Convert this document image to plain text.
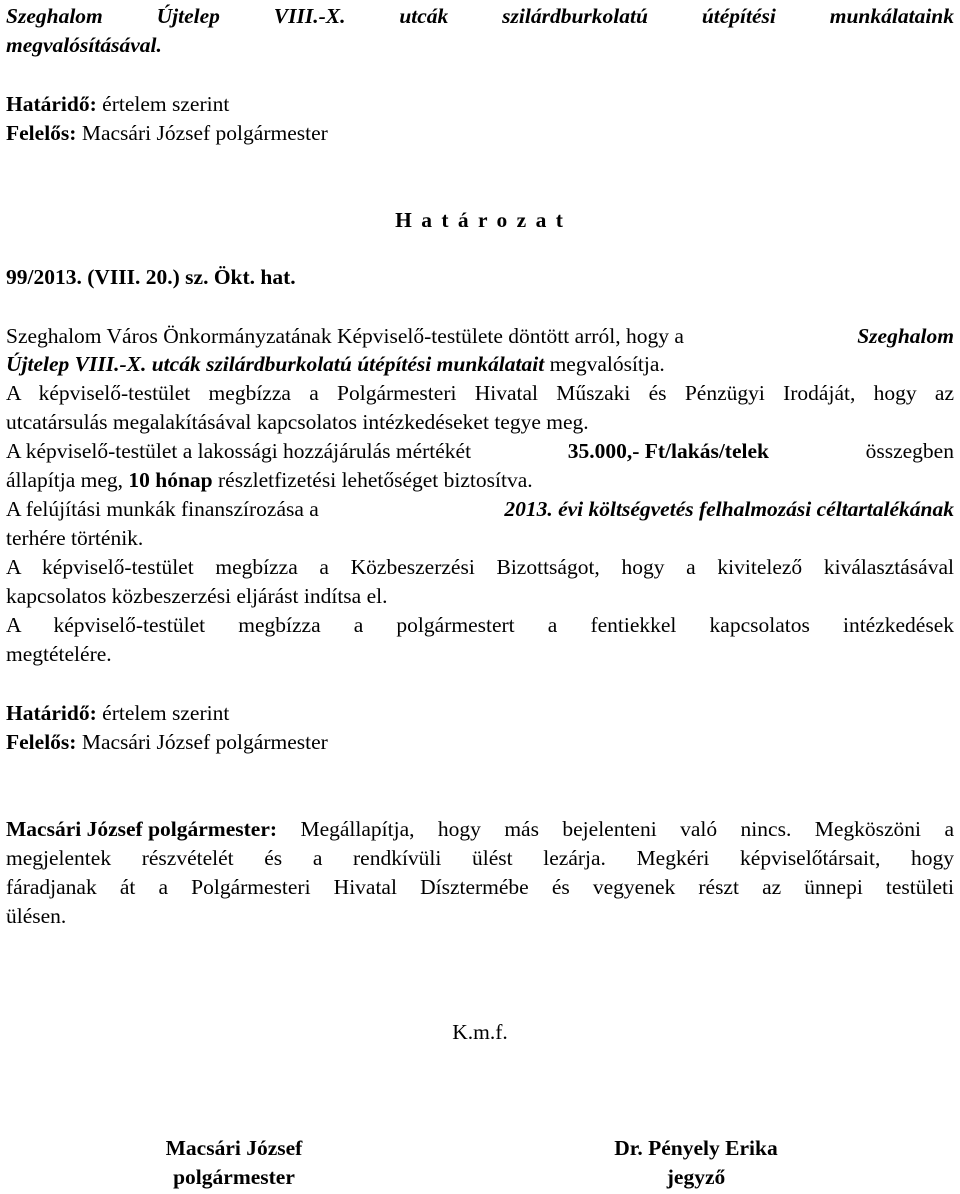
Szeghalom Újtelep VIII.-X. utcák szilárdburkolatú útépítési munkálataink
megvalósításával.
Határidő: értelem szerint
Felelős: Macsári József polgármester
H a t á r o z a t
99/2013. (VIII. 20.) sz. Ökt. hat.
Szeghalom Város Önkormányzatának Képviselő-testülete döntött arról, hogy a	Szeghalom
Újtelep VIII.-X. utcák szilárdburkolatú útépítési munkálatait megvalósítja.
A képviselő-testület megbízza a Polgármesteri Hivatal Műszaki és Pénzügyi Irodáját, hogy az
utcatársulás megalakításával kapcsolatos intézkedéseket tegye meg.
A képviselő-testület a lakossági hozzájárulás mértékét	35.000,- Ft/lakás/telek	összegben
állapítja meg, 10 hónap részletfizetési lehetőséget biztosítva.
A felújítási munkák finanszírozása a	2013. évi költségvetés felhalmozási céltartalékának
terhére történik.
A képviselő-testület megbízza a Közbeszerzési Bizottságot, hogy a kivitelező kiválasztásával
kapcsolatos közbeszerzési eljárást indítsa el.
A képviselő-testület megbízza a polgármestert a fentiekkel kapcsolatos intézkedések
megtételére.
Határidő: értelem szerint
Felelős: Macsári József polgármester
Macsári József polgármester: Megállapítja, hogy más bejelenteni való nincs. Megköszöni a
megjelentek részvételét és a rendkívüli ülést lezárja. Megkéri képviselőtársait, hogy
fáradjanak át a Polgármesteri Hivatal Dísztermébe és vegyenek részt az ünnepi testületi
ülésen.
K.m.f.
Macsári József
polgármester
Dr. Pényely Erika
jegyző
